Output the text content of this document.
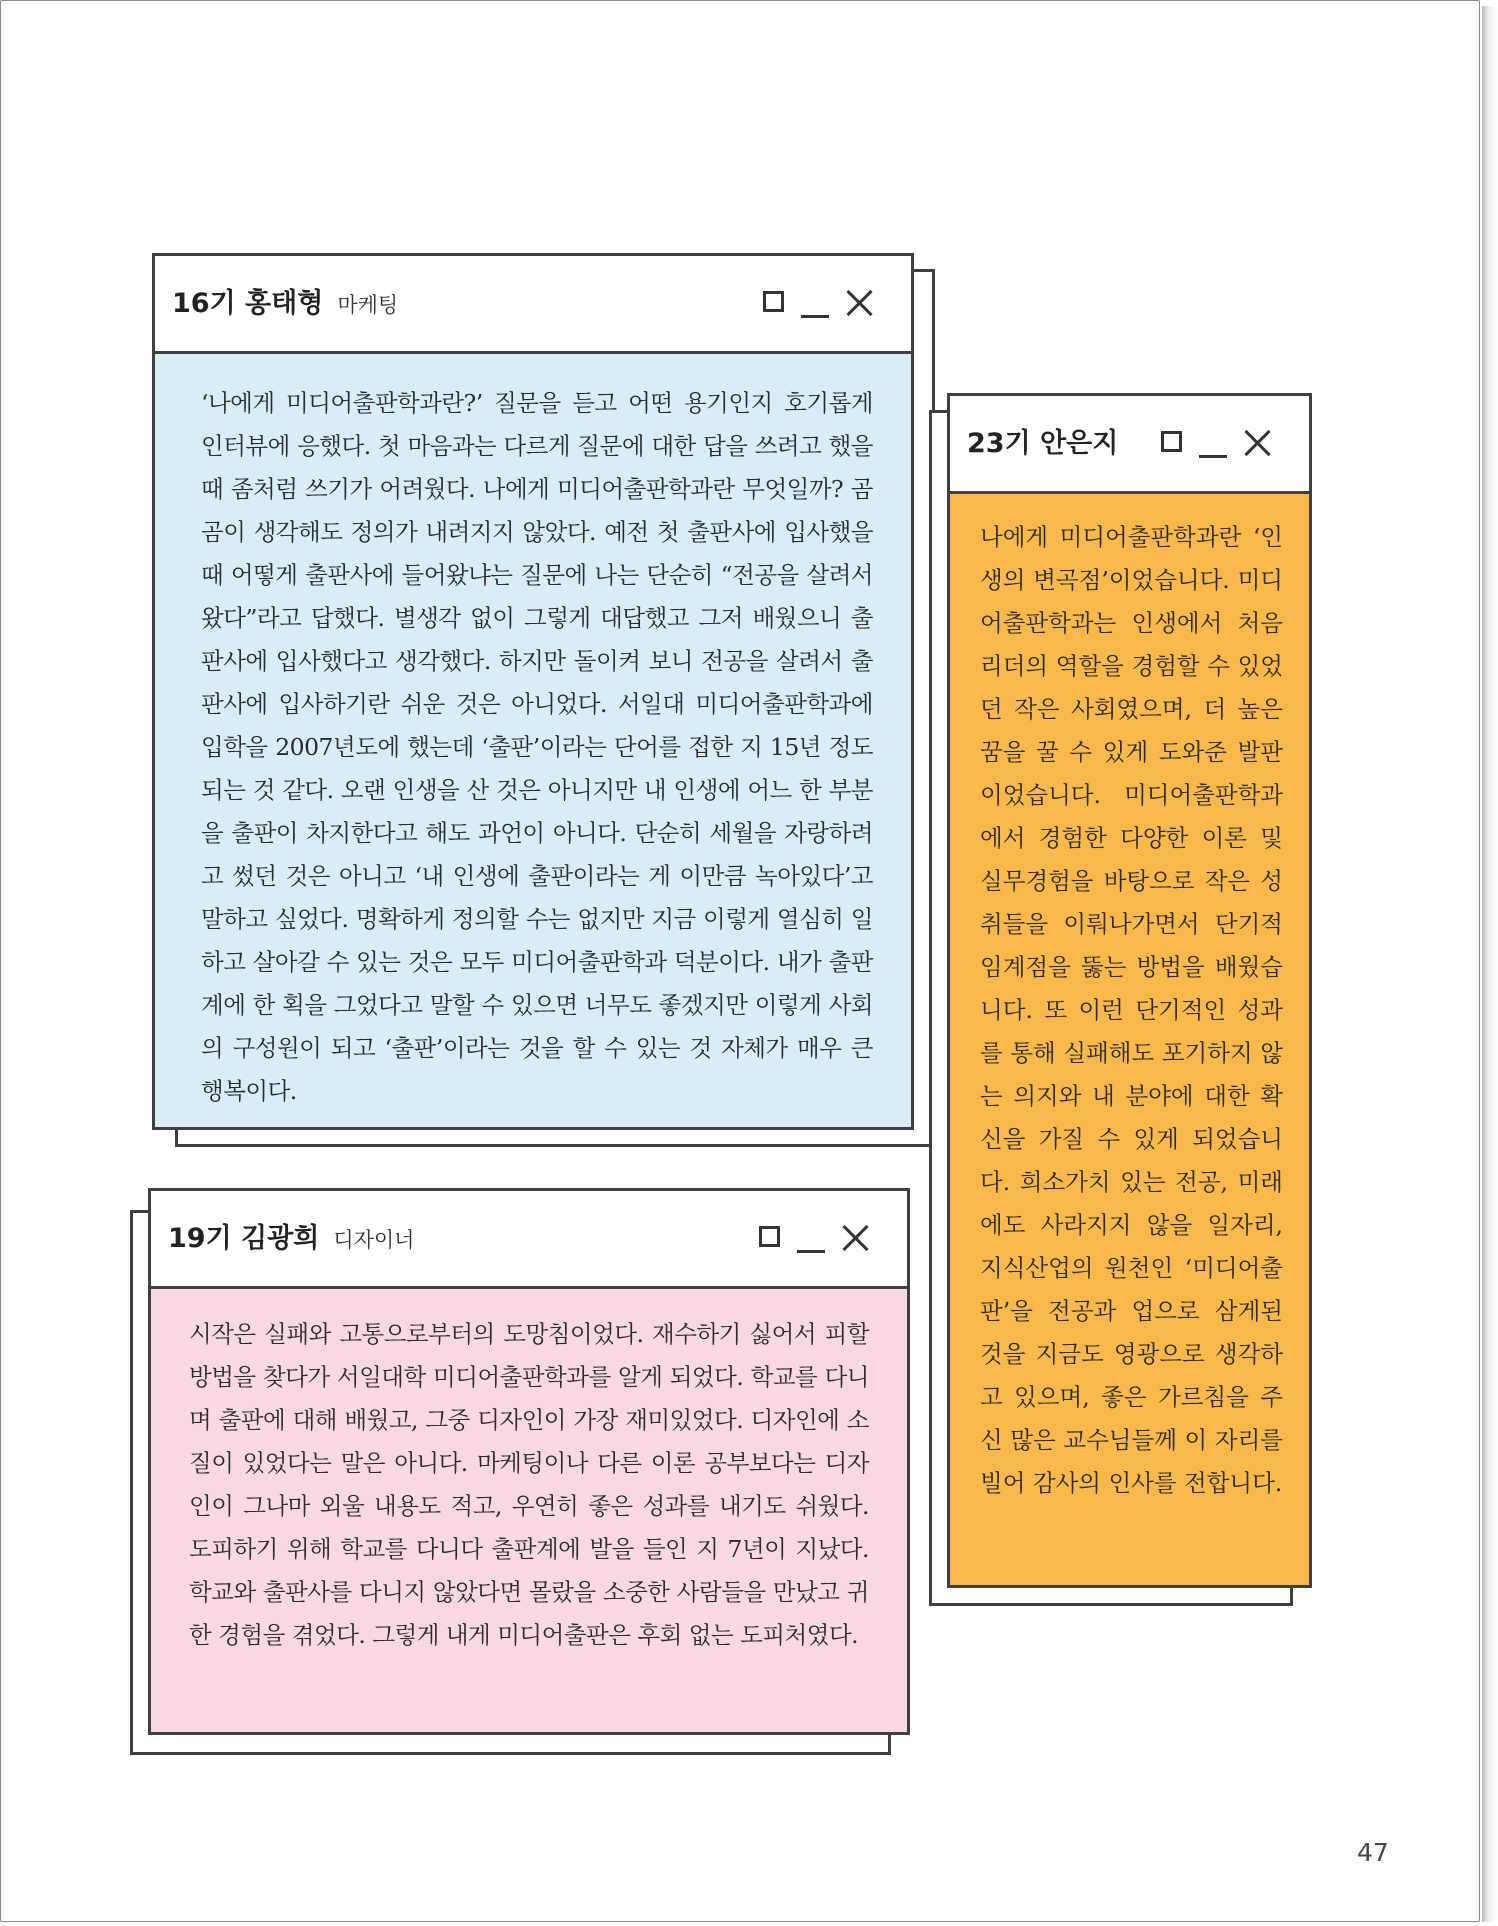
16기 홍태형 마케팅

‘나에게 미디어출판학과란?’ 질문을 듣고 어떤 용기인지 호기롭게 인터뷰에 응했다. 첫 마음과는 다르게 질문에 대한 답을 쓰려고 했을 때 좀처럼 쓰기가 어려웠다. 나에게 미디어출판학과란 무엇일까? 곰곰이 생각해도 정의가 내려지지 않았다. 예전 첫 출판사에 입사했을 때 어떻게 출판사에 들어왔냐는 질문에 나는 단순히 “전공을 살려서 왔다”라고 답했다. 별생각 없이 그렇게 대답했고 그저 배웠으니 출판사에 입사했다고 생각했다. 하지만 돌이켜 보니 전공을 살려서 출판사에 입사하기란 쉬운 것은 아니었다. 서일대 미디어출판학과에 입학을 2007년도에 했는데 ‘출판’이라는 단어를 접한 지 15년 정도 되는 것 같다. 오랜 인생을 산 것은 아니지만 내 인생에 어느 한 부분을 출판이 차지한다고 해도 과언이 아니다. 단순히 세월을 자랑하려고 썼던 것은 아니고 ‘내 인생에 출판이라는 게 이만큼 녹아있다’고 말하고 싶었다. 명확하게 정의할 수는 없지만 지금 이렇게 열심히 일하고 살아갈 수 있는 것은 모두 미디어출판학과 덕분이다. 내가 출판계에 한 획을 그었다고 말할 수 있으면 너무도 좋겠지만 이렇게 사회의 구성원이 되고 ‘출판’이라는 것을 할 수 있는 것 자체가 매우 큰 행복이다.

23기 안은지

나에게 미디어출판학과란 ‘인생의 변곡점’이었습니다. 미디어출판학과는 인생에서 처음 리더의 역할을 경험할 수 있었던 작은 사회였으며, 더 높은 꿈을 꿀 수 있게 도와준 발판이었습니다. 미디어출판학과에서 경험한 다양한 이론 및 실무경험을 바탕으로 작은 성취들을 이뤄나가면서 단기적 임계점을 뚫는 방법을 배웠습니다. 또 이런 단기적인 성과를 통해 실패해도 포기하지 않는 의지와 내 분야에 대한 확신을 가질 수 있게 되었습니다. 희소가치 있는 전공, 미래에도 사라지지 않을 일자리, 지식산업의 원천인 ‘미디어출판’을 전공과 업으로 삼게된 것을 지금도 영광으로 생각하고 있으며, 좋은 가르침을 주신 많은 교수님들께 이 자리를 빌어 감사의 인사를 전합니다.

19기 김광희 디자이너

시작은 실패와 고통으로부터의 도망침이었다. 재수하기 싫어서 피할 방법을 찾다가 서일대학 미디어출판학과를 알게 되었다. 학교를 다니며 출판에 대해 배웠고, 그중 디자인이 가장 재미있었다. 디자인에 소질이 있었다는 말은 아니다. 마케팅이나 다른 이론 공부보다는 디자인이 그나마 외울 내용도 적고, 우연히 좋은 성과를 내기도 쉬웠다. 도피하기 위해 학교를 다니다 출판계에 발을 들인 지 7년이 지났다. 학교와 출판사를 다니지 않았다면 몰랐을 소중한 사람들을 만났고 귀한 경험을 겪었다. 그렇게 내게 미디어출판은 후회 없는 도피처였다.

47
